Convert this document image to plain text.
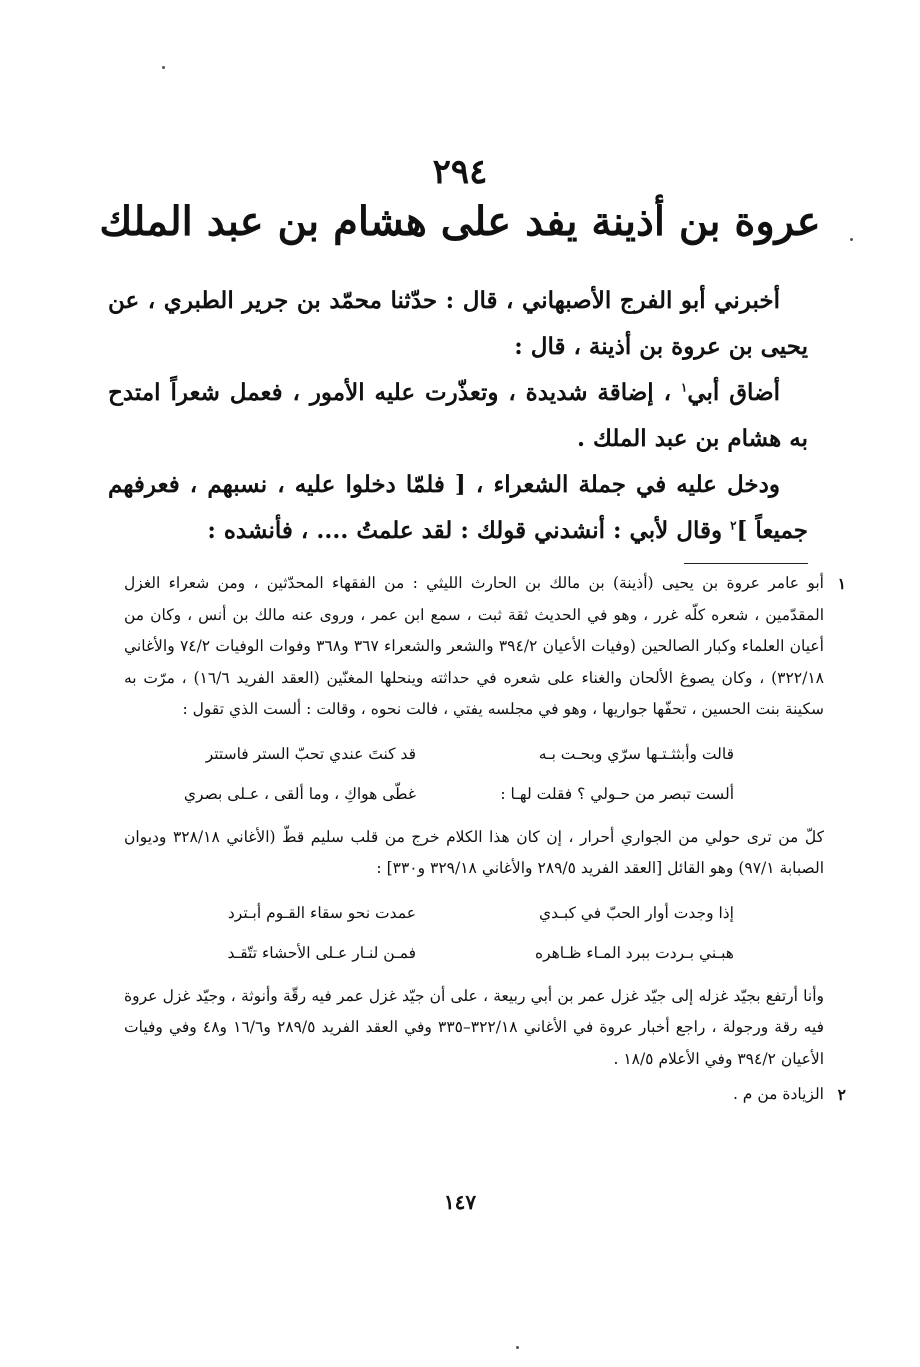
٢٩٤
عروة بن أذينة يفد على هشام بن عبد الملك

أخبرني أبو الفرج الأصبهاني ، قال : حدّثنا محمّد بن جرير الطبري ، عن يحيى بن عروة بن أذينة ، قال :

أضاق أبي$^١$ ، إضاقة شديدة ، وتعذّرت عليه الأمور ، فعمل شعراً امتدح به هشام بن عبد الملك .

ودخل عليه في جملة الشعراء ، [ فلمّا دخلوا عليه ، نسبهم ، فعرفهم جميعاً ]$^٢$ وقال لأبي : أنشدني قولك : لقد علمتُ .... ، فأنشده :

١
أبو عامر عروة بن يحيى (أذينة) بن مالك بن الحارث الليثي : من الفقهاء المحدّثين ، ومن شعراء الغزل المقدّمين ، شعره كلّه غرر ، وهو في الحديث ثقة ثبت ، سمع ابن عمر ، وروى عنه مالك بن أنس ، وكان من أعيان العلماء وكبار الصالحين (وفيات الأعيان ٣٩٤/٢ والشعر والشعراء ٣٦٧ و٣٦٨ وفوات الوفيات ٧٤/٢ والأغاني ٣٢٢/١٨) ، وكان يصوغ الألحان والغناء على شعره في حداثته وينحلها المغنّين (العقد الفريد ١٦/٦) ، مرّت به سكينة بنت الحسين ، تحفّها جواريها ، وهو في مجلسه يفتي ، فالت نحوه ، وقالت : ألست الذي تقول :
قالت وأبثثـتـها سرّي وبحـت بـه
قد كنتَ عندي تحبّ الستر فاستتر
ألست تبصر من حـولي ؟ فقلت لهـا :
غطّى هواكِ ، وما ألقى ، عـلى بصري
كلّ من ترى حولي من الجواري أحرار ، إن كان هذا الكلام خرج من قلب سليم قطّ (الأغاني ٣٢٨/١٨ وديوان الصبابة ٩٧/١) وهو القائل [العقد الفريد ٢٨٩/٥ والأغاني ٣٢٩/١٨ و٣٣٠] :
إذا وجدت أوار الحبّ في كبـدي
عمدت نحو سقاء القـوم أبـترد
هبـني بـردت ببرد المـاء ظـاهره
فمـن لنـار عـلى الأحشاء تتّقـد
وأنا أرتفع بجيّد غزله إلى جيّد غزل عمر بن أبي ربيعة ، على أن جيّد غزل عمر فيه رقّة وأنوثة ، وجيّد غزل عروة فيه رقة ورجولة ، راجع أخبار عروة في الأغاني ٣٢٢/١٨–٣٣٥ وفي العقد الفريد ٢٨٩/٥ و١٦/٦ و٤٨ وفي وفيات الأعيان ٣٩٤/٢ وفي الأعلام ١٨/٥ .
٢
الزيادة من م .
١٤٧
